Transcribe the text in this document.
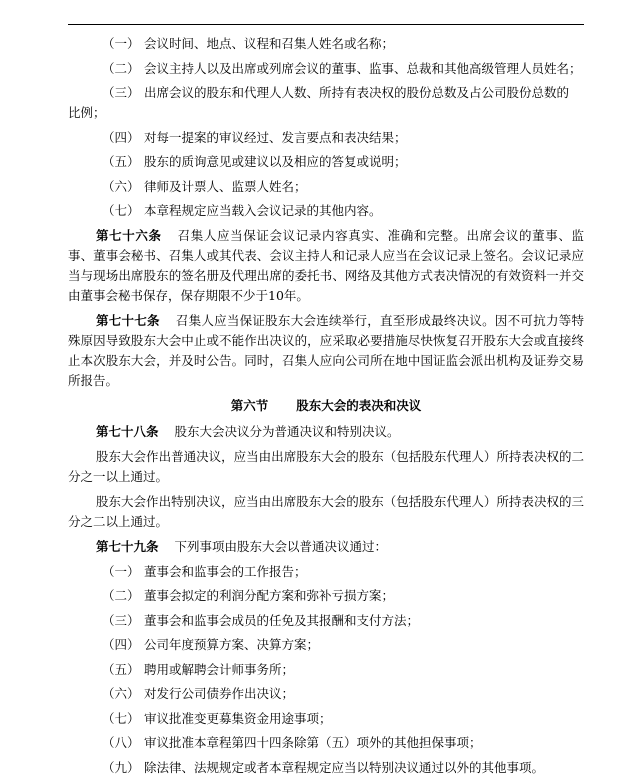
（一） 会议时间、地点、议程和召集人姓名或名称；
（二） 会议主持人以及出席或列席会议的董事、监事、总裁和其他高级管理人员姓名；
（三） 出席会议的股东和代理人人数、所持有表决权的股份总数及占公司股份总数的
比例；
（四） 对每一提案的审议经过、发言要点和表决结果；
（五） 股东的质询意见或建议以及相应的答复或说明；
（六） 律师及计票人、监票人姓名；
（七） 本章程规定应当载入会议记录的其他内容。

第七十六条 召集人应当保证会议记录内容真实、准确和完整。出席会议的董事、监事、董事会秘书、召集人或其代表、会议主持人和记录人应当在会议记录上签名。会议记录应当与现场出席股东的签名册及代理出席的委托书、网络及其他方式表决情况的有效资料一并交由董事会秘书保存，保存期限不少于10年。

第七十七条 召集人应当保证股东大会连续举行，直至形成最终决议。因不可抗力等特殊原因导致股东大会中止或不能作出决议的，应采取必要措施尽快恢复召开股东大会或直接终止本次股东大会，并及时公告。同时，召集人应向公司所在地中国证监会派出机构及证券交易所报告。

第六节 股东大会的表决和决议

第七十八条 股东大会决议分为普通决议和特别决议。

股东大会作出普通决议，应当由出席股东大会的股东（包括股东代理人）所持表决权的二分之一以上通过。

股东大会作出特别决议，应当由出席股东大会的股东（包括股东代理人）所持表决权的三分之二以上通过。

第七十九条 下列事项由股东大会以普通决议通过：

（一） 董事会和监事会的工作报告；
（二） 董事会拟定的利润分配方案和弥补亏损方案；
（三） 董事会和监事会成员的任免及其报酬和支付方法；
（四） 公司年度预算方案、决算方案；
（五） 聘用或解聘会计师事务所；
（六） 对发行公司债券作出决议；
（七） 审议批准变更募集资金用途事项；
（八） 审议批准本章程第四十四条除第（五）项外的其他担保事项；
（九） 除法律、法规规定或者本章程规定应当以特别决议通过以外的其他事项。
